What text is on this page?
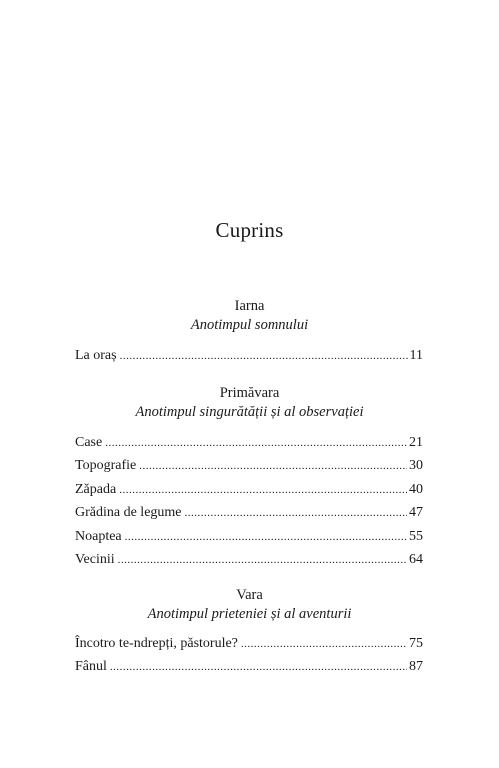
Cuprins
Iarna
Anotimpul somnului
La oraș .....	11
Primăvara
Anotimpul singurătății și al observației
Case .....	21
Topografie .....	30
Zăpada .....	40
Grădina de legume .....	47
Noaptea .....	55
Vecinii .....	64
Vara
Anotimpul prieteniei și al aventurii
Încotro te-ndrepți, păstorule? .....	75
Fânul .....	87
